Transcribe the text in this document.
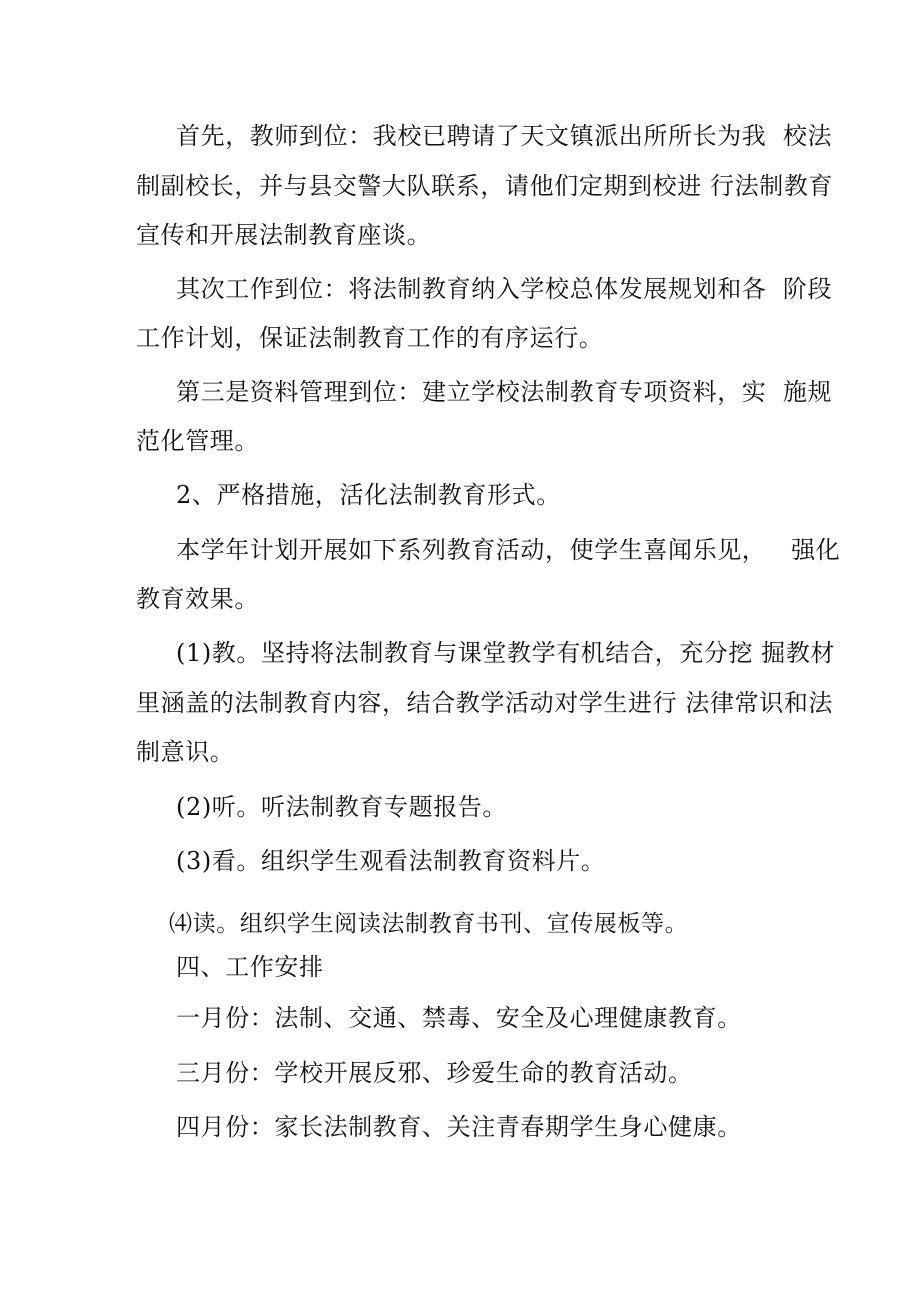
首先，教师到位：我校已聘请了天文镇派出所所长为我  校法
制副校长，并与县交警大队联系，请他们定期到校进 行法制教育
宣传和开展法制教育座谈。
其次工作到位：将法制教育纳入学校总体发展规划和各  阶段
工作计划，保证法制教育工作的有序运行。
第三是资料管理到位：建立学校法制教育专项资料，实  施规
范化管理。
2、严格措施，活化法制教育形式。
本学年计划开展如下系列教育活动，使学生喜闻乐见，   强化
教育效果。
(1)教。坚持将法制教育与课堂教学有机结合，充分挖 掘教材
里涵盖的法制教育内容，结合教学活动对学生进行 法律常识和法
制意识。
(2)听。听法制教育专题报告。
(3)看。组织学生观看法制教育资料片。
⑷读。组织学生阅读法制教育书刊、宣传展板等。
四、工作安排
一月份：法制、交通、禁毒、安全及心理健康教育。
三月份：学校开展反邪、珍爱生命的教育活动。
四月份：家长法制教育、关注青春期学生身心健康。
